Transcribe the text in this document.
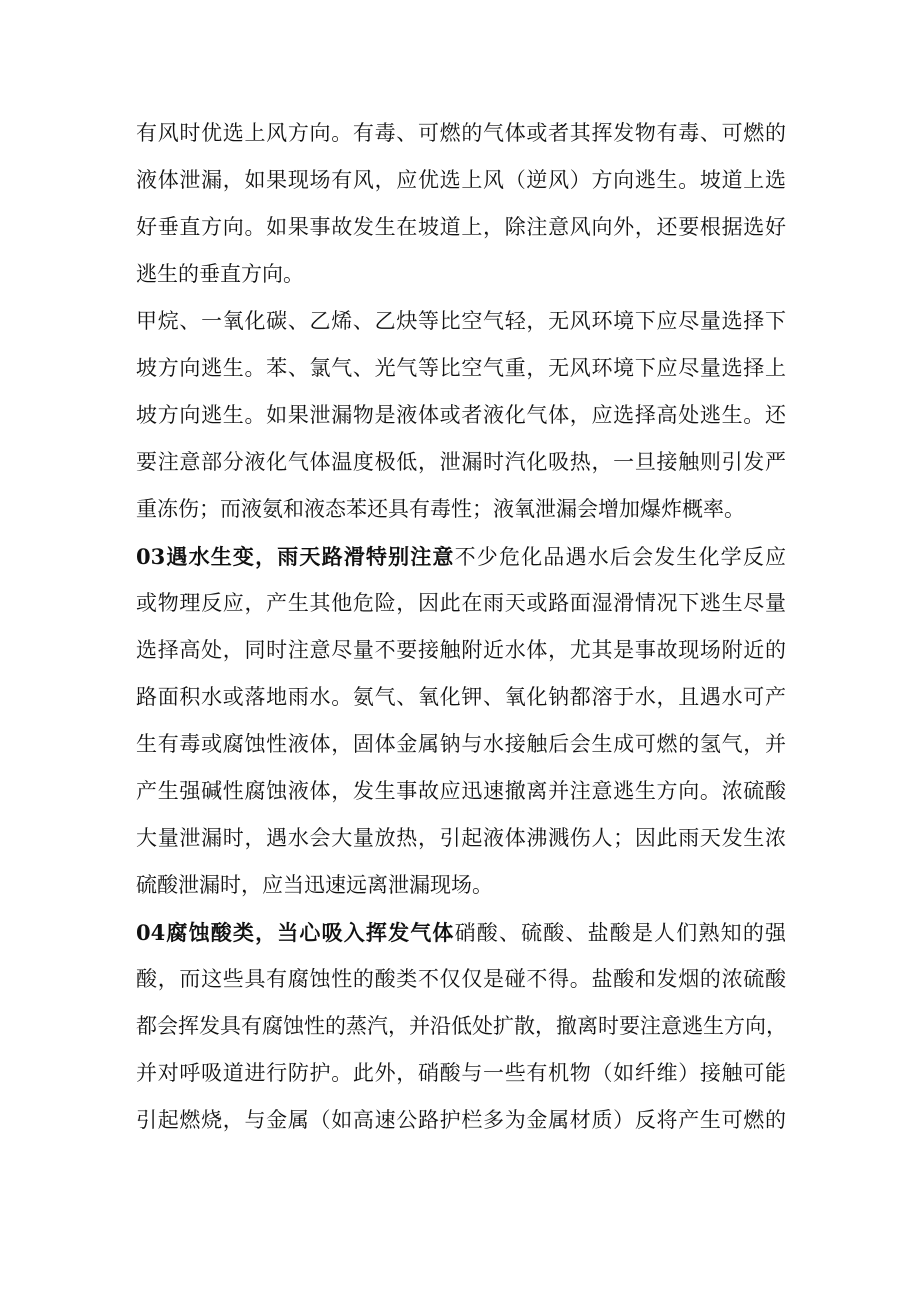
有风时优选上风方向。有毒、可燃的气体或者其挥发物有毒、可燃的
液体泄漏，如果现场有风，应优选上风（逆风）方向逃生。坡道上选
好垂直方向。如果事故发生在坡道上，除注意风向外，还要根据选好
逃生的垂直方向。
甲烷、一氧化碳、乙烯、乙炔等比空气轻，无风环境下应尽量选择下
坡方向逃生。苯、氯气、光气等比空气重，无风环境下应尽量选择上
坡方向逃生。如果泄漏物是液体或者液化气体，应选择高处逃生。还
要注意部分液化气体温度极低，泄漏时汽化吸热，一旦接触则引发严
重冻伤；而液氨和液态苯还具有毒性；液氧泄漏会增加爆炸概率。
03遇水生变，雨天路滑特别注意不少危化品遇水后会发生化学反应
或物理反应，产生其他危险，因此在雨天或路面湿滑情况下逃生尽量
选择高处，同时注意尽量不要接触附近水体，尤其是事故现场附近的
路面积水或落地雨水。氨气、氧化钾、氧化钠都溶于水，且遇水可产
生有毒或腐蚀性液体，固体金属钠与水接触后会生成可燃的氢气，并
产生强碱性腐蚀液体，发生事故应迅速撤离并注意逃生方向。浓硫酸
大量泄漏时，遇水会大量放热，引起液体沸溅伤人；因此雨天发生浓
硫酸泄漏时，应当迅速远离泄漏现场。
04腐蚀酸类，当心吸入挥发气体硝酸、硫酸、盐酸是人们熟知的强
酸，而这些具有腐蚀性的酸类不仅仅是碰不得。盐酸和发烟的浓硫酸
都会挥发具有腐蚀性的蒸汽，并沿低处扩散，撤离时要注意逃生方向，
并对呼吸道进行防护。此外，硝酸与一些有机物（如纤维）接触可能
引起燃烧，与金属（如高速公路护栏多为金属材质）反将产生可燃的
